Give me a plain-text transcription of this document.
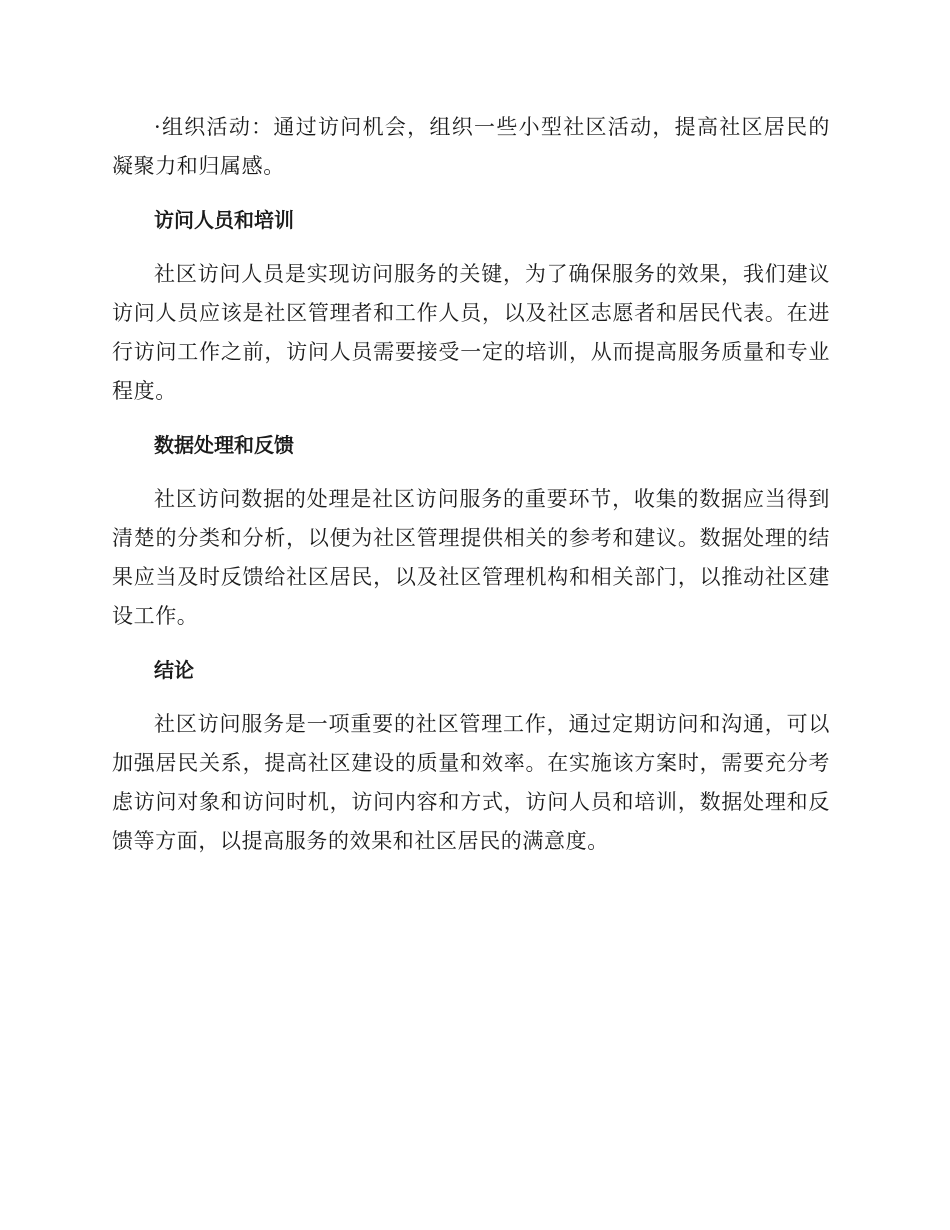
·组织活动：通过访问机会，组织一些小型社区活动，提高社区居民的凝聚力和归属感。

访问人员和培训

社区访问人员是实现访问服务的关键，为了确保服务的效果，我们建议访问人员应该是社区管理者和工作人员，以及社区志愿者和居民代表。在进行访问工作之前，访问人员需要接受一定的培训，从而提高服务质量和专业程度。

数据处理和反馈

社区访问数据的处理是社区访问服务的重要环节，收集的数据应当得到清楚的分类和分析，以便为社区管理提供相关的参考和建议。数据处理的结果应当及时反馈给社区居民，以及社区管理机构和相关部门，以推动社区建设工作。

结论

社区访问服务是一项重要的社区管理工作，通过定期访问和沟通，可以加强居民关系，提高社区建设的质量和效率。在实施该方案时，需要充分考虑访问对象和访问时机，访问内容和方式，访问人员和培训，数据处理和反馈等方面，以提高服务的效果和社区居民的满意度。
